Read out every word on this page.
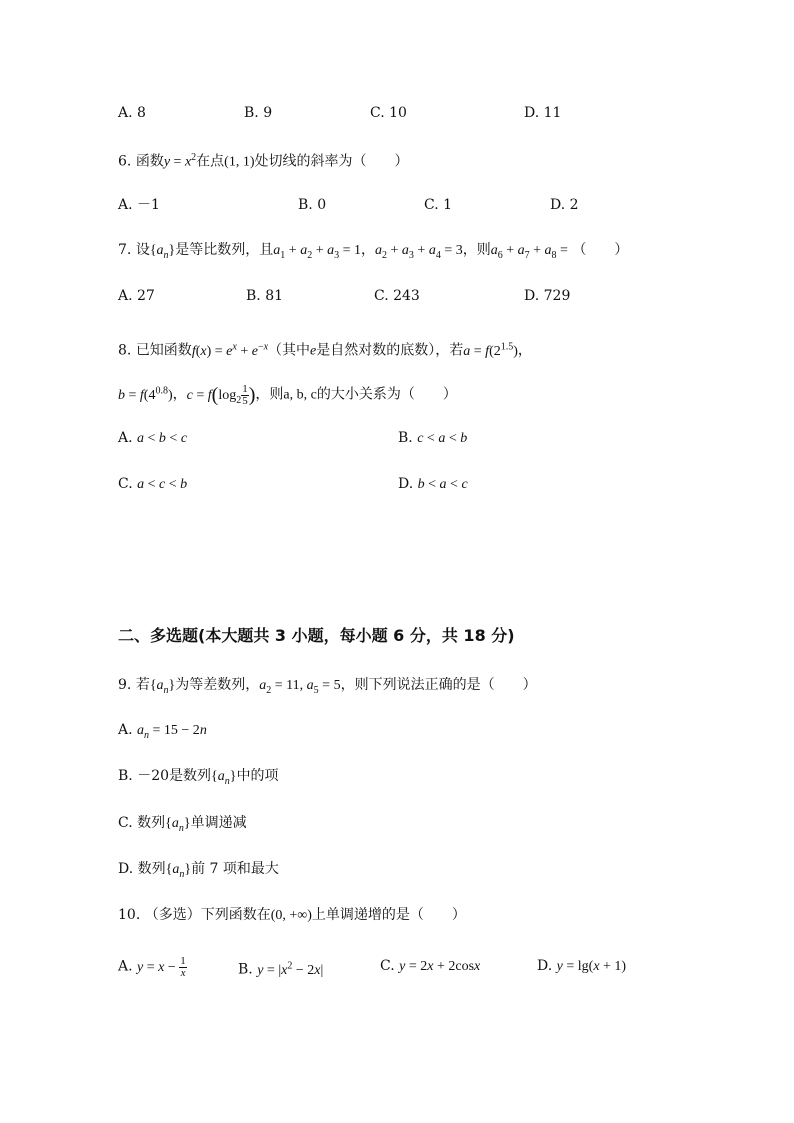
A. 8	B. 9	C. 10	D. 11
6. 函数$y = x^2$在点(1, 1)处切线的斜率为（　　）
A. －1	B. 0	C. 1	D. 2
7. 设$\{a_n\}$是等比数列，且$a_1 + a_2 + a_3 = 1$，$a_2 + a_3 + a_4 = 3$，则$a_6 + a_7 + a_8$ = （　　）
A. 27	B. 81	C. 243	D. 729
8. 已知函数$f(x) = e^x + e^{-x}$（其中e是自然对数的底数），若$a = f(2^{1.5})$，
$b = f(4^{0.8})$，$c = f(\log_2 \frac{1}{5}$ )，则a, b, c的大小关系为（　　）
A. a < b < c	B. c < a < b
C. a < c < b	D. b < a < c
二、多选题(本大题共 3 小题，每小题 6 分，共 18 分)
9. 若$\{a_n\}$为等差数列，$a_2 = 11$, $a_5 = 5$，则下列说法正确的是（　　）
A. $a_n = 15 - 2n$
B. －20是数列$\{a_n\}$中的项
C. 数列$\{a_n\}$单调递减
D. 数列$\{a_n\}$前 7 项和最大
10. （多选）下列函数在(0, +∞)上单调递增的是（　　）
A. $y = x - \frac{1}{x}$	B. $y = |x^2 - 2x|$	C. y = 2x + 2cosx	D. y = lg(x + 1)
